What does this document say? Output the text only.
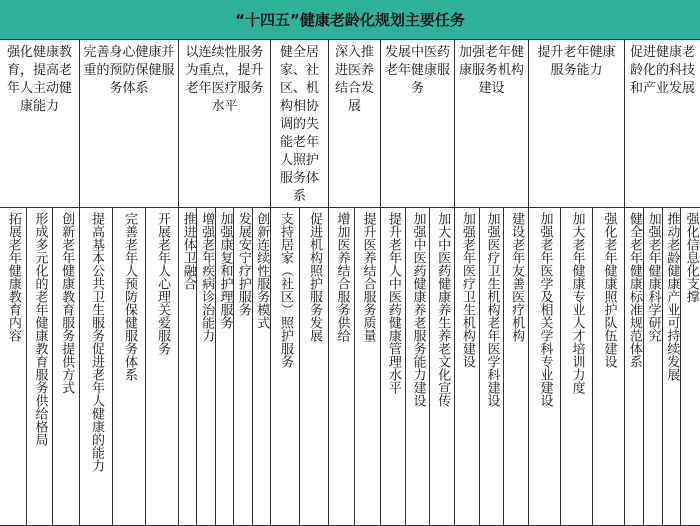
“十四五”健康老龄化规划主要任务
强化健康教育，提高老年人主动健康能力
拓展老年健康教育内容 形成多元化的老年健康教育服务供给格局 创新老年健康教育服务提供方式
完善身心健康并重的预防保健服务体系
提高基本公共卫生服务促进老年人健康的能力 完善老年人预防保健服务体系 开展老年人心理关爱服务
以连续性服务为重点，提升老年医疗服务水平
推进体卫融合 增强老年疾病诊治能力 加强康复和护理服务 发展安宁疗护服务 创新连续性服务模式
健全居家、社区、机构相协调的失能老年人照护服务体系
支持居家（社区）照护服务 促进机构照护服务发展
深入推进医养结合发展
增加医养结合服务供给 提升医养结合服务质量
发展中医药老年健康服务
提升老年人中医药健康管理水平 加强中医药健康养老服务能力建设 加大中医药健康养生养老文化宣传
加强老年健康服务机构建设
加强老年医疗卫生机构建设 加强医疗卫生机构老年医学科建设 建设老年友善医疗机构
提升老年健康服务能力
加强老年医学及相关学科专业建设 加大老年健康专业人才培训力度 强化老年健康照护队伍建设
促进健康老龄化的科技和产业发展
健全老年健康标准规范体系 加强老年健康科学研究 推动老龄健康产业可持续发展 强化信息化支撑
